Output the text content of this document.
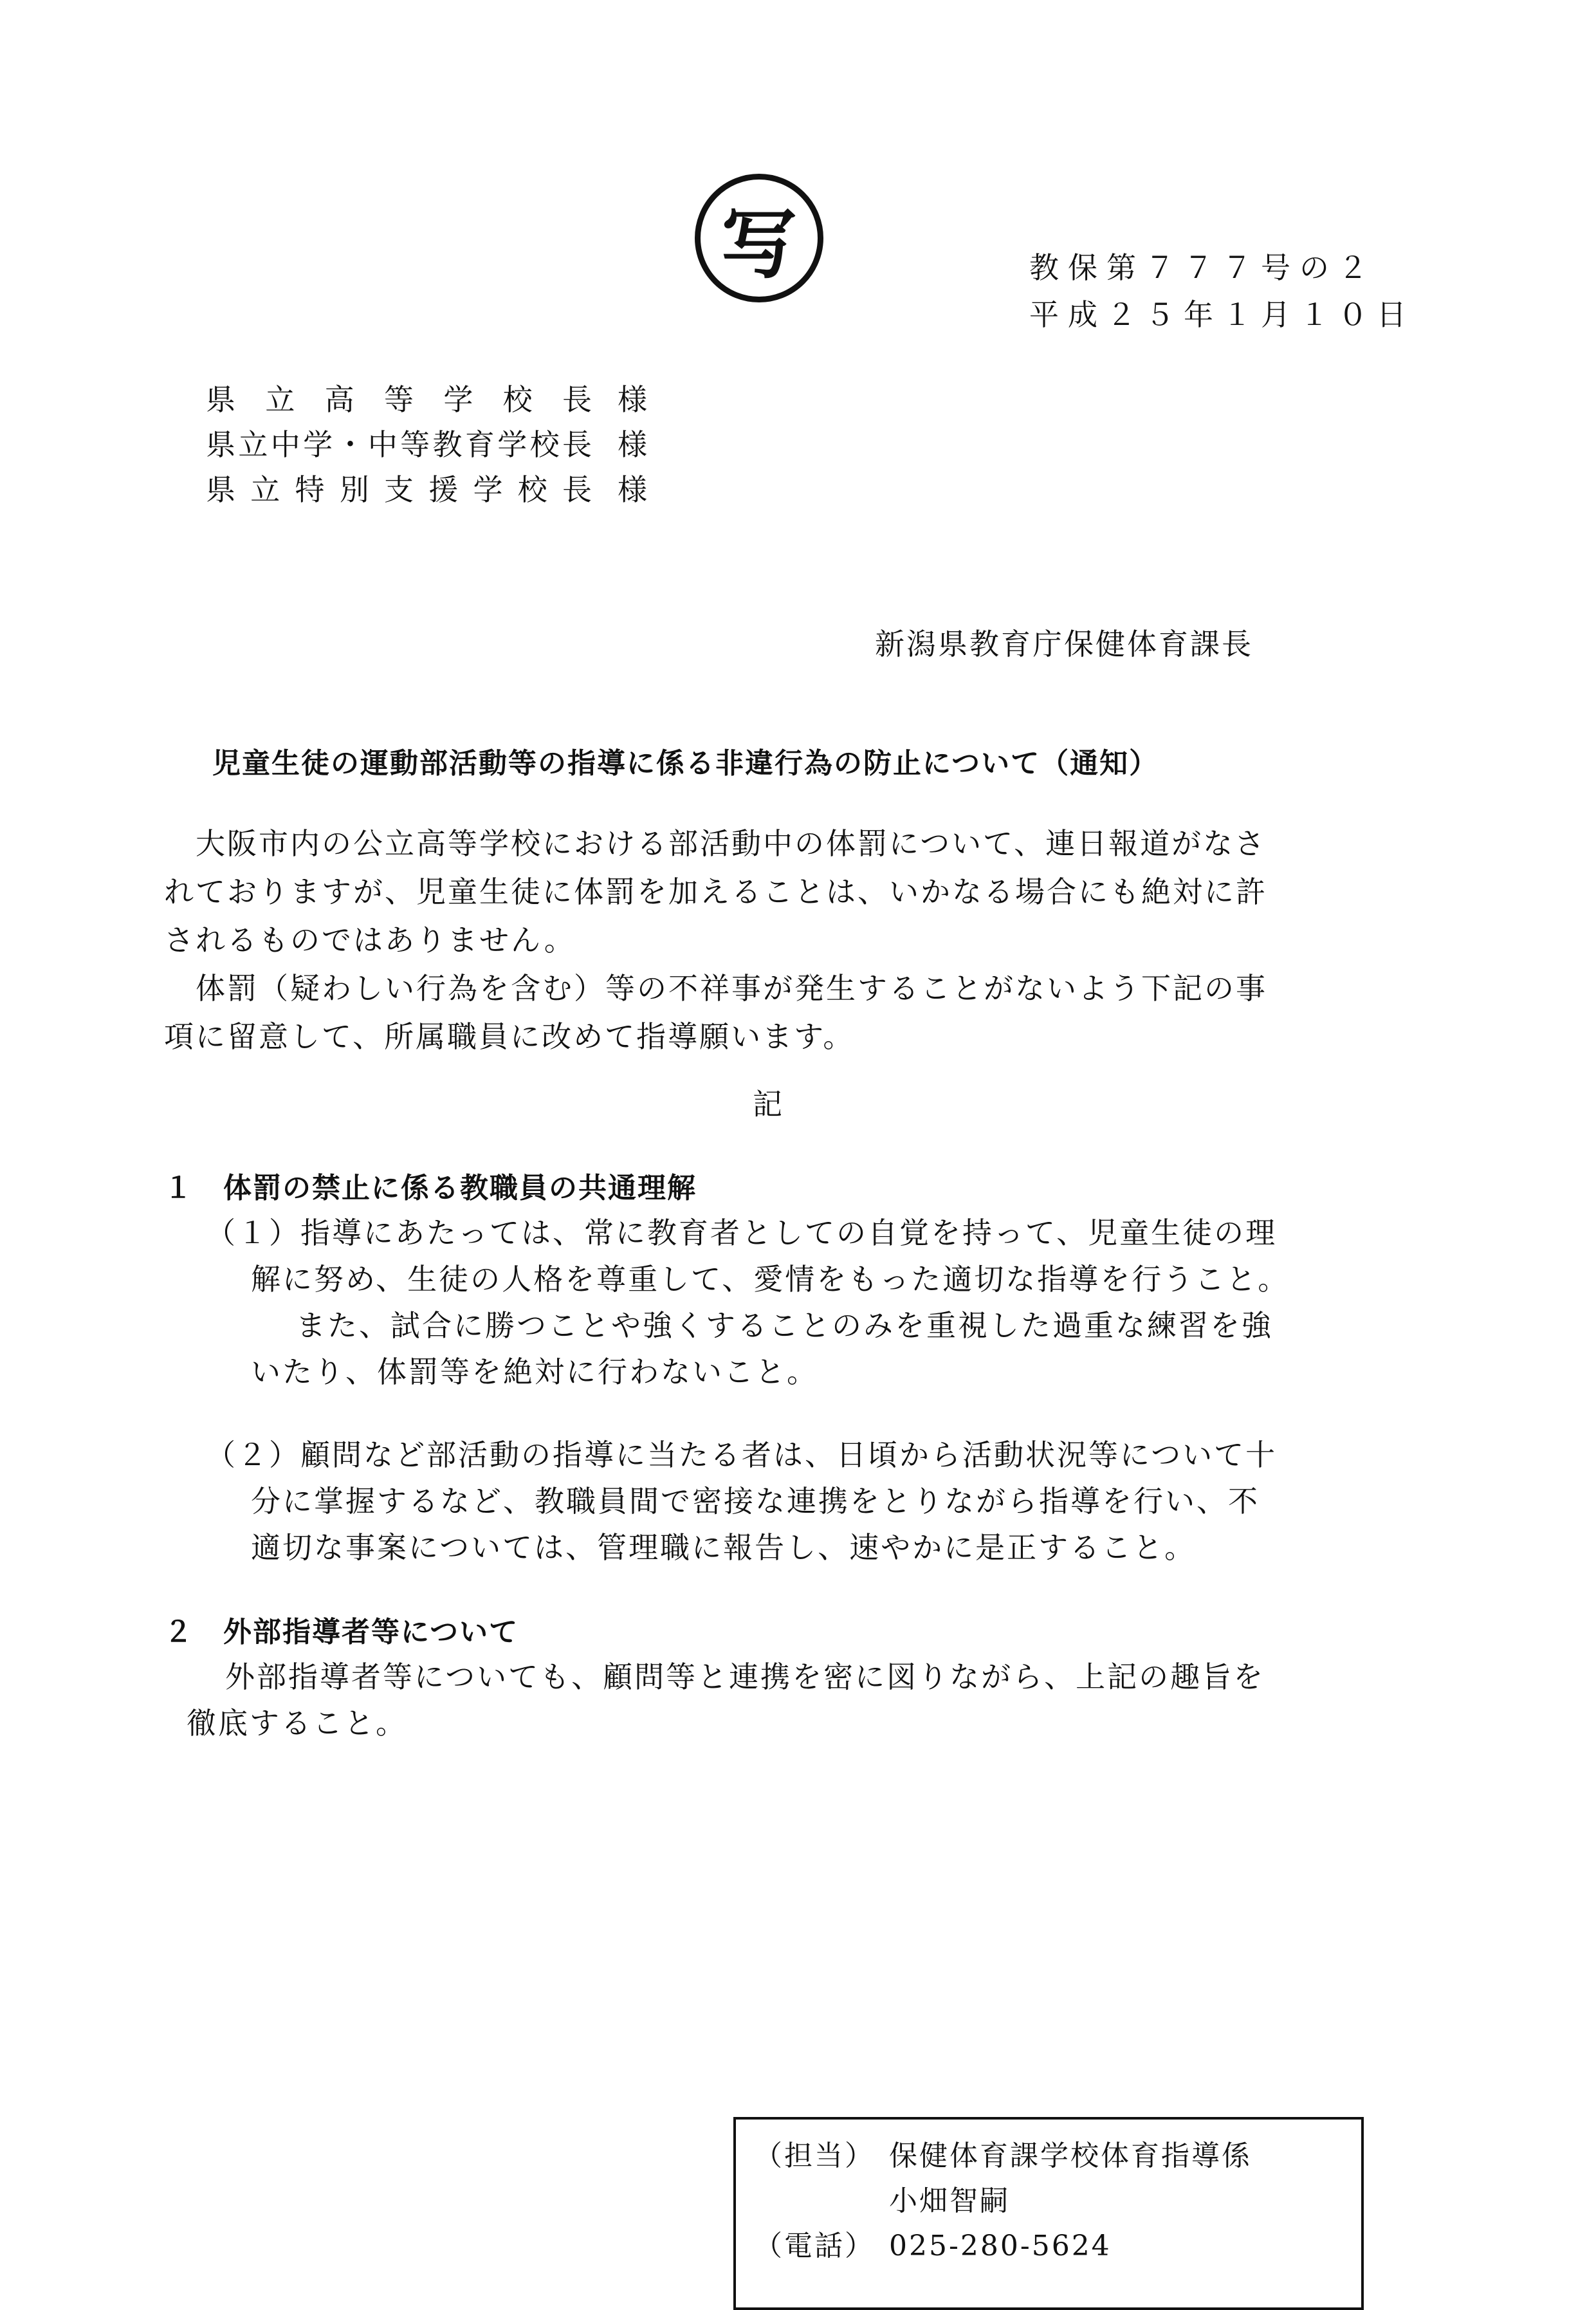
写	教保第７７７号の２
平成２５年１月１０日
県立高等学校長 様
県立中学・中等教育学校長 様
県立特別支援学校長 様
新潟県教育庁保健体育課長
児童生徒の運動部活動等の指導に係る非違行為の防止について（通知）
　大阪市内の公立高等学校における部活動中の体罰について、連日報道がなさ
れておりますが、児童生徒に体罰を加えることは、いかなる場合にも絶対に許
されるものではありません。
　体罰（疑わしい行為を含む）等の不祥事が発生することがないよう下記の事
項に留意して、所属職員に改めて指導願います。
記
１　体罰の禁止に係る教職員の共通理解
（１）指導にあたっては、常に教育者としての自覚を持って、児童生徒の理
解に努め、生徒の人格を尊重して、愛情をもった適切な指導を行うこと。
また、試合に勝つことや強くすることのみを重視した過重な練習を強
いたり、体罰等を絶対に行わないこと。
（２）顧問など部活動の指導に当たる者は、日頃から活動状況等について十
分に掌握するなど、教職員間で密接な連携をとりながら指導を行い、不
適切な事案については、管理職に報告し、速やかに是正すること。
２　外部指導者等について
外部指導者等についても、顧問等と連携を密に図りながら、上記の趣旨を
徹底すること。
（担当） 保健体育課学校体育指導係
小畑智嗣
（電話） 025-280-5624
